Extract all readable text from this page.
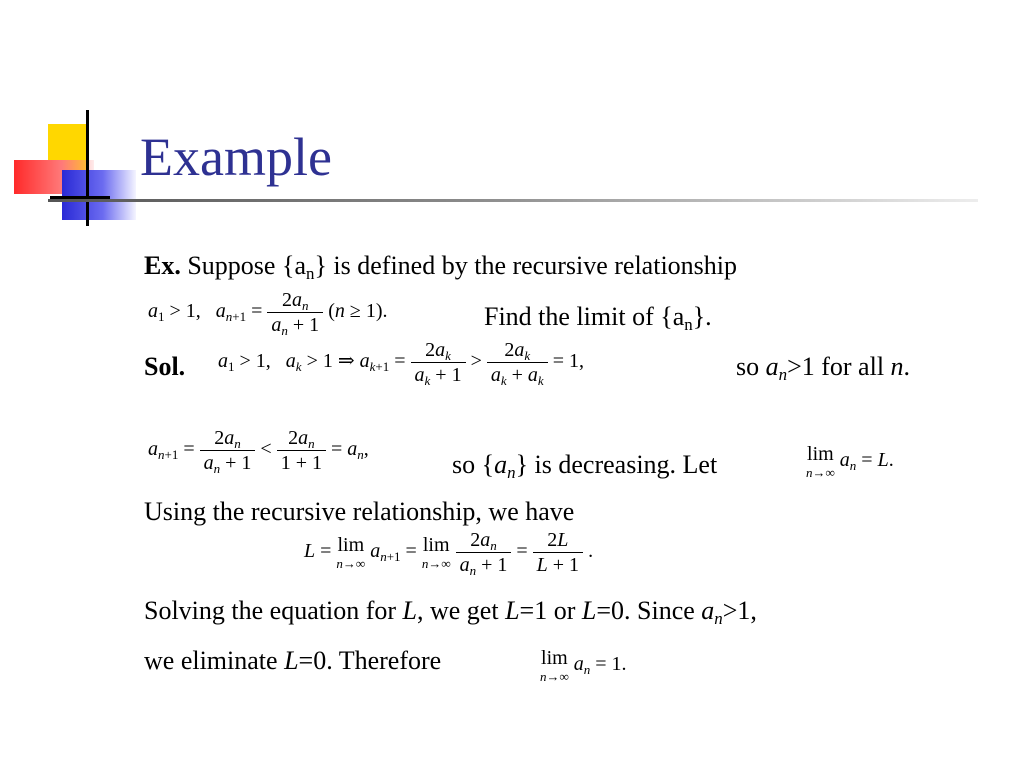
Example
Ex. Suppose $\{a_n\}$ is defined by the recursive relationship
$a_1 > 1$,   $a_{n+1} = \frac{2a_n}{a_n + 1} (n \ge 1)$.	Find the limit of $\{a_n\}$.
Sol. $a_1 > 1$,   $a_k > 1$ ⇒ $a_{k+1} = \frac{2a_k}{a_k + 1} > \frac{2a_k}{a_k + a_k} = 1$,	so $a_n>1$ for all n.
$a_{n+1} = \frac{2a_n}{a_n + 1} < \frac{2a_n}{1 + 1} = a_n$,
so $\{a_n\}$ is decreasing. Let	lim
n→∞
$a_n = L$.
Using the recursive relationship, we have
L = lim
n→∞
$a_{n+1} = \lim$
n→∞
$\frac{2a_n}{a_n + 1} = \frac{2L}{L + 1}$ .
Solving the equation for L, we get L=1 or L=0. Since $a_n>1$,
we eliminate L=0. Therefore	lim
n→∞
$a_n = 1$.
